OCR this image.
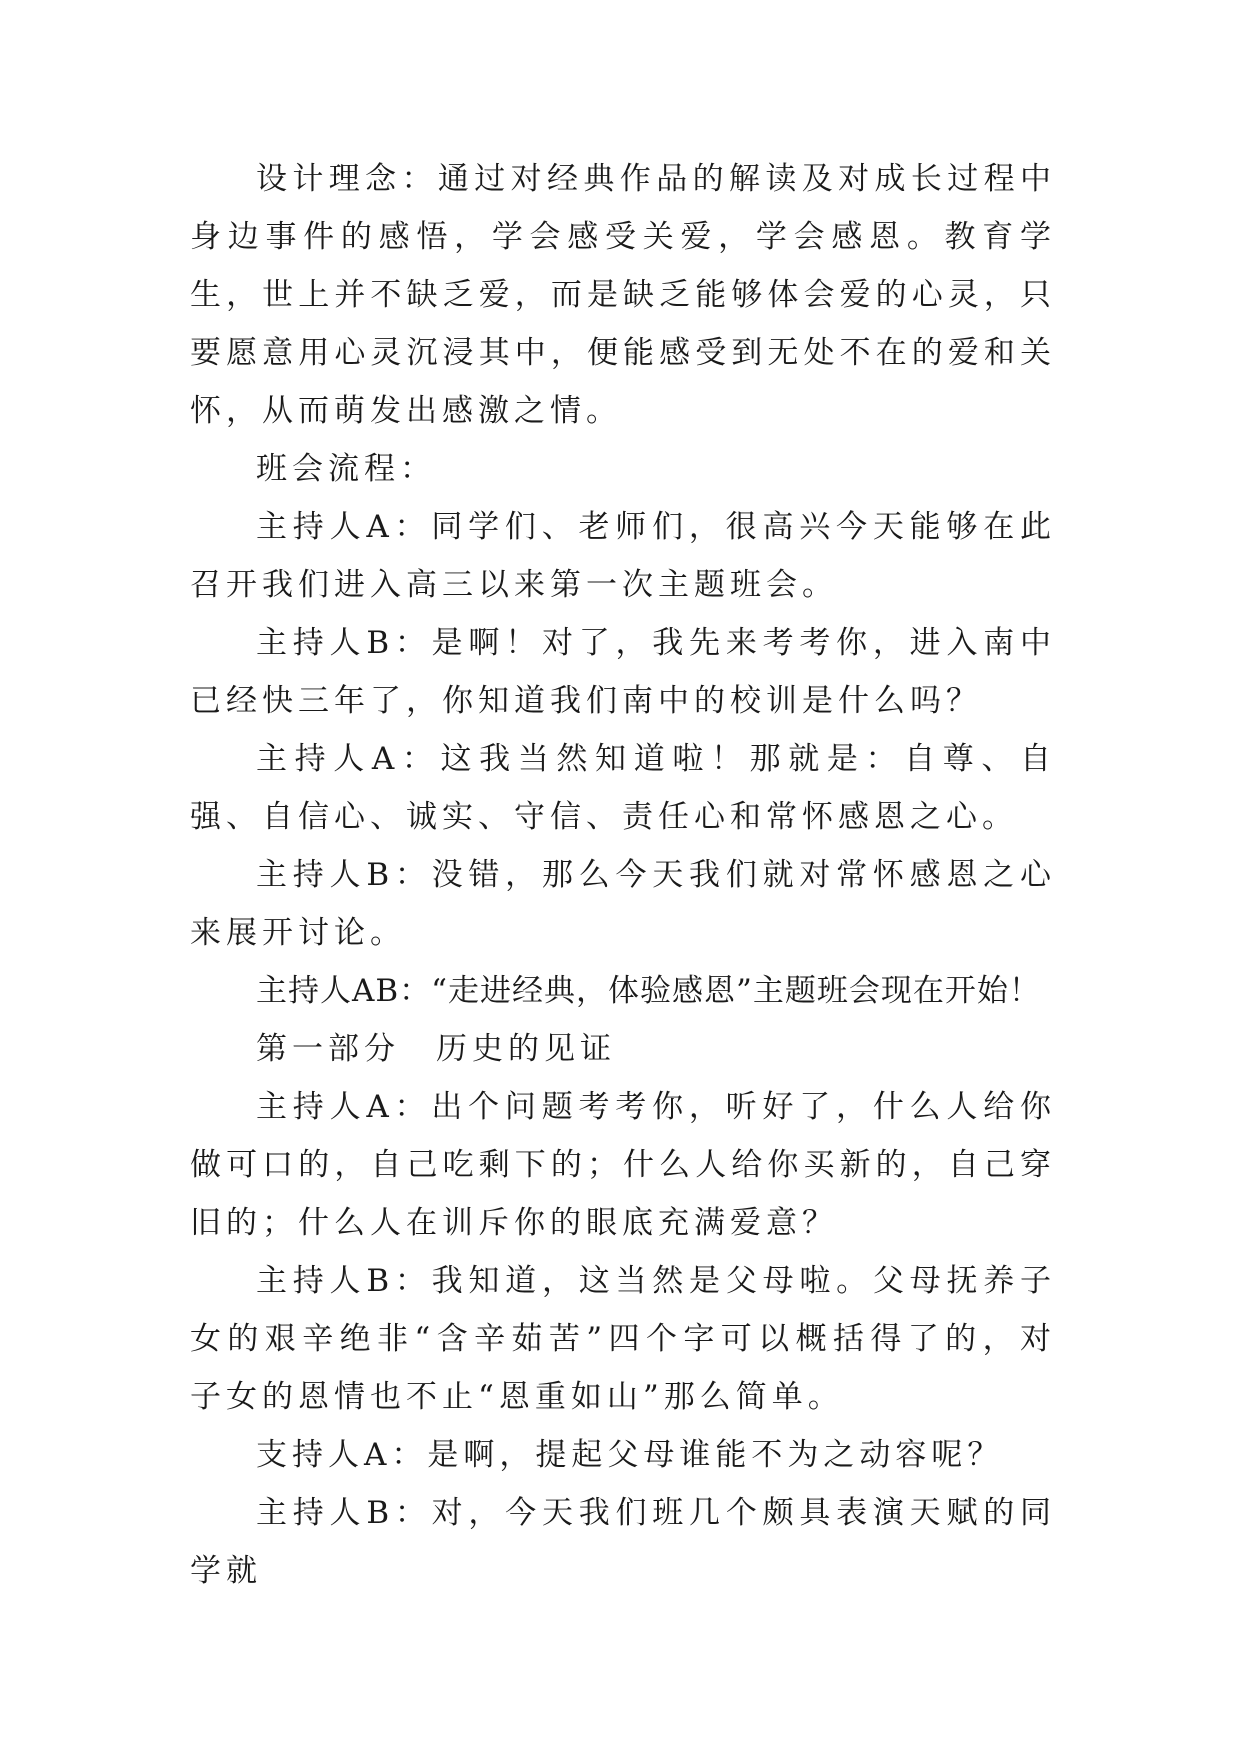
设计理念：通过对经典作品的解读及对成长过程中身边事件的感悟，学会感受关爱，学会感恩。教育学生，世上并不缺乏爱，而是缺乏能够体会爱的心灵，只要愿意用心灵沉浸其中，便能感受到无处不在的爱和关怀，从而萌发出感激之情。

班会流程：

主持人A：同学们、老师们，很高兴今天能够在此召开我们进入高三以来第一次主题班会。

主持人B：是啊！对了，我先来考考你，进入南中已经快三年了，你知道我们南中的校训是什么吗？

主持人A：这我当然知道啦！那就是：自尊、自强、自信心、诚实、守信、责任心和常怀感恩之心。

主持人B：没错，那么今天我们就对常怀感恩之心来展开讨论。

主持人AB：“走进经典，体验感恩”主题班会现在开始！

第一部分　历史的见证

主持人A：出个问题考考你，听好了，什么人给你做可口的，自己吃剩下的；什么人给你买新的，自己穿旧的；什么人在训斥你的眼底充满爱意？

主持人B：我知道，这当然是父母啦。父母抚养子女的艰辛绝非“含辛茹苦”四个字可以概括得了的，对子女的恩情也不止“恩重如山”那么简单。

支持人A：是啊，提起父母谁能不为之动容呢？

主持人B：对，今天我们班几个颇具表演天赋的同学就
